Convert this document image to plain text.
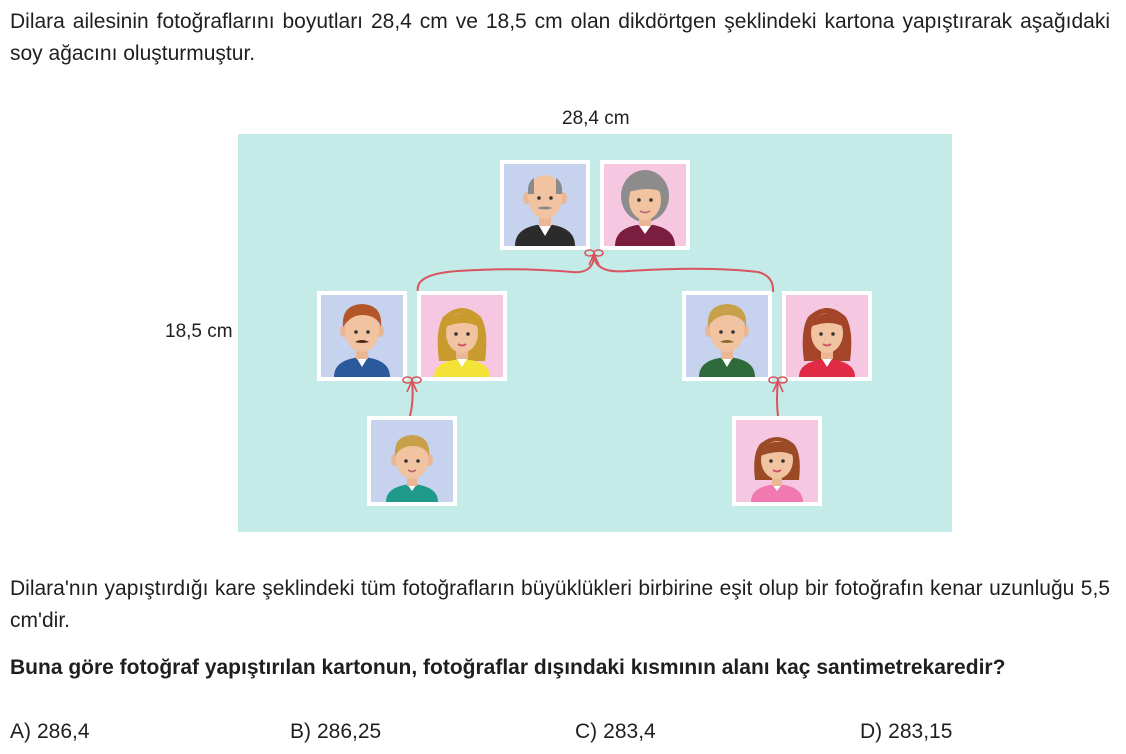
Dilara ailesinin fotoğraflarını boyutları 28,4 cm ve 18,5 cm olan dikdörtgen şeklindeki kartona yapıştırarak aşağıdaki soy ağacını oluşturmuştur.

28,4 cm
18,5 cm

Dilara'nın yapıştırdığı kare şeklindeki tüm fotoğrafların büyüklükleri birbirine eşit olup bir fotoğrafın kenar uzunluğu 5,5 cm'dir.

Buna göre fotoğraf yapıştırılan kartonun, fotoğraflar dışındaki kısmının alanı kaç santimetrekaredir?

A) 286,4	B) 286,25	C) 283,4	D) 283,15
